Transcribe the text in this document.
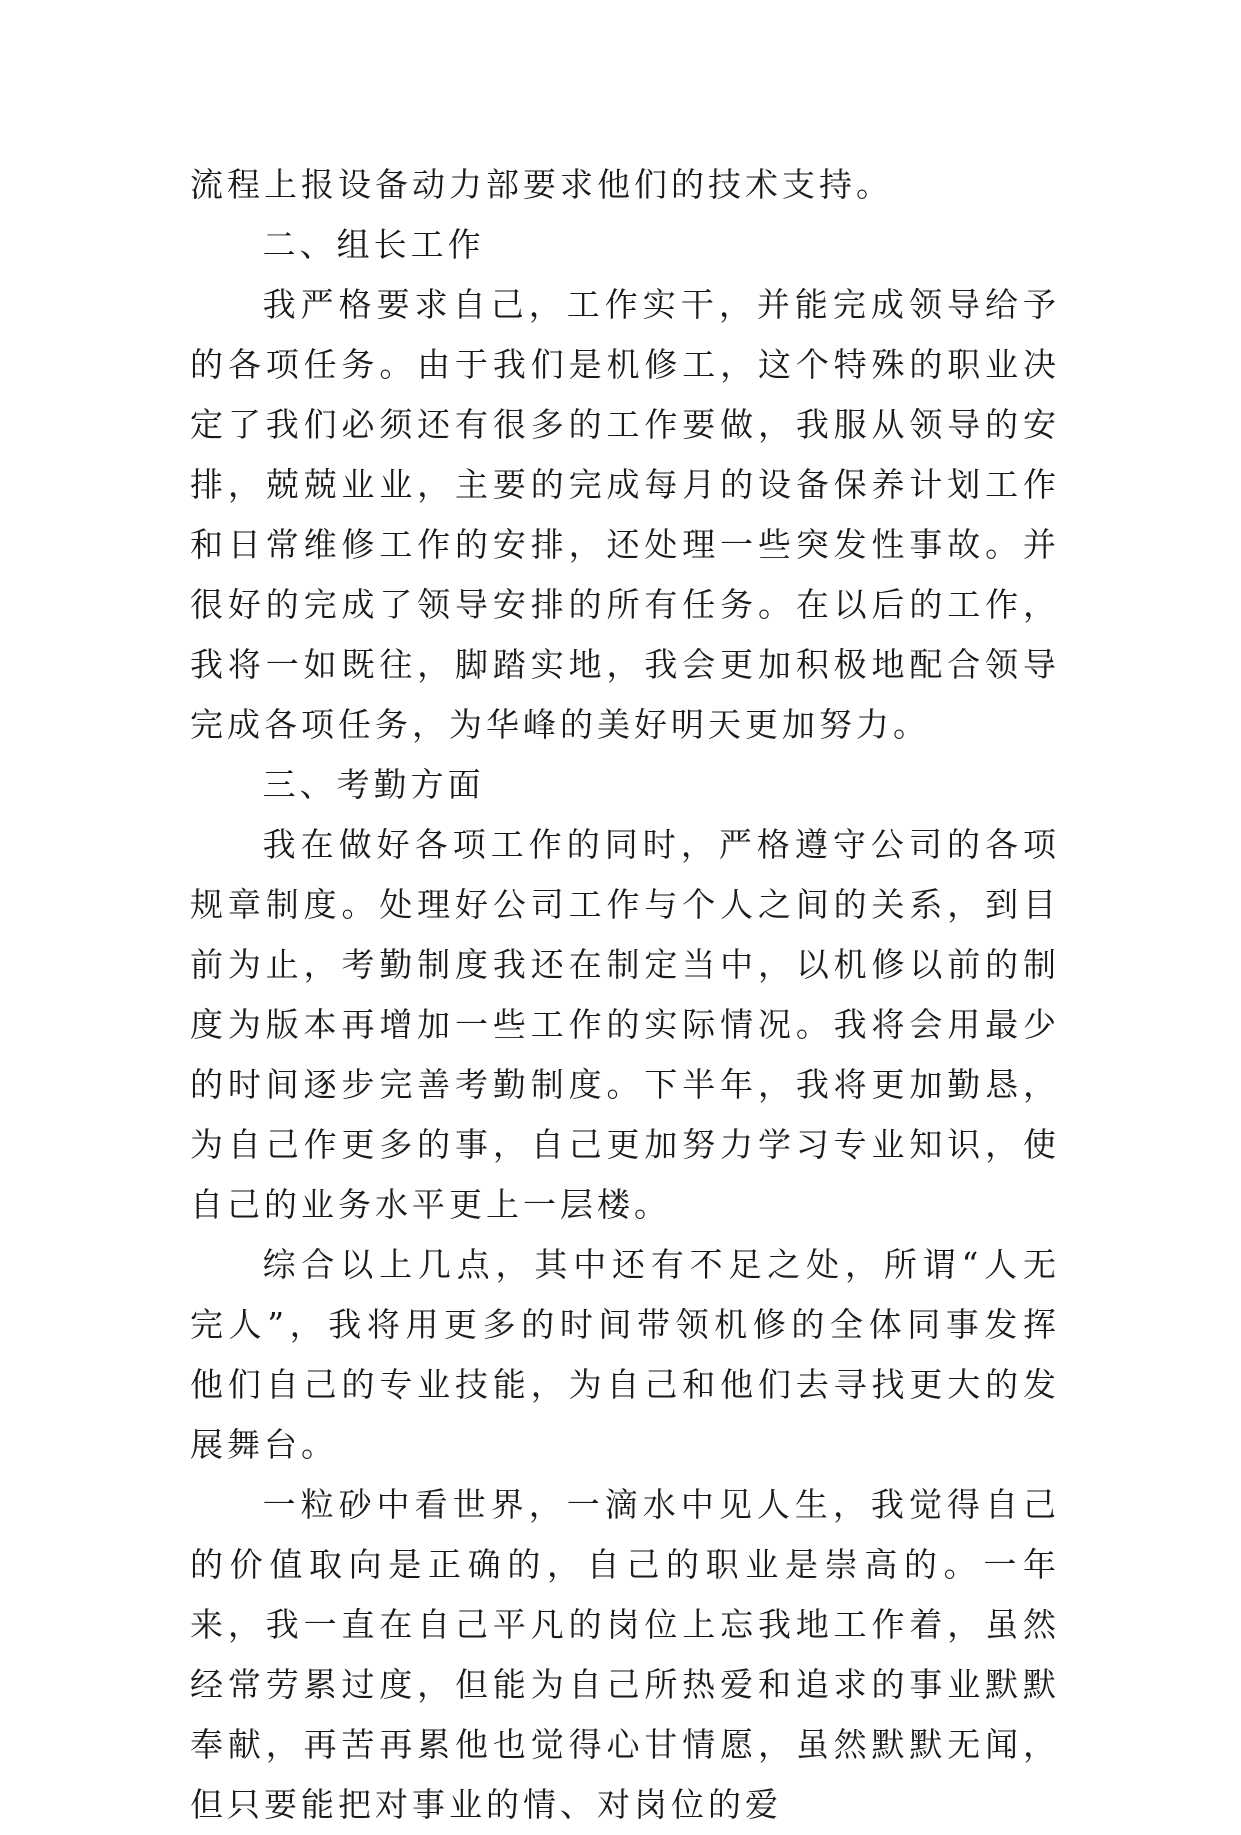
流程上报设备动力部要求他们的技术支持。

二、组长工作

我严格要求自己，工作实干，并能完成领导给予的各项任务。由于我们是机修工，这个特殊的职业决定了我们必须还有很多的工作要做，我服从领导的安排，兢兢业业，主要的完成每月的设备保养计划工作和日常维修工作的安排，还处理一些突发性事故。并很好的完成了领导安排的所有任务。在以后的工作，我将一如既往，脚踏实地，我会更加积极地配合领导完成各项任务，为华峰的美好明天更加努力。

三、考勤方面

我在做好各项工作的同时，严格遵守公司的各项规章制度。处理好公司工作与个人之间的关系，到目前为止，考勤制度我还在制定当中，以机修以前的制度为版本再增加一些工作的实际情况。我将会用最少的时间逐步完善考勤制度。下半年，我将更加勤恳，为自己作更多的事，自己更加努力学习专业知识，使自己的业务水平更上一层楼。

综合以上几点，其中还有不足之处，所谓“人无完人”，我将用更多的时间带领机修的全体同事发挥他们自己的专业技能，为自己和他们去寻找更大的发展舞台。

一粒砂中看世界，一滴水中见人生，我觉得自己的价值取向是正确的，自己的职业是崇高的。一年来，我一直在自己平凡的岗位上忘我地工作着，虽然经常劳累过度，但能为自己所热爱和追求的事业默默奉献，再苦再累他也觉得心甘情愿，虽然默默无闻，但只要能把对事业的情、对岗位的爱
